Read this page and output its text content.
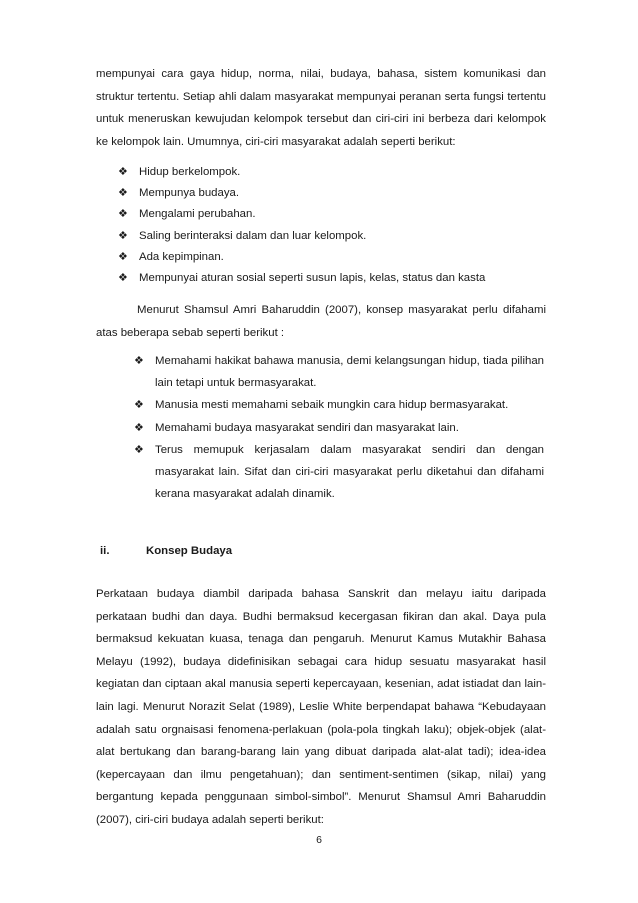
mempunyai cara gaya hidup, norma, nilai, budaya, bahasa, sistem komunikasi dan struktur tertentu. Setiap ahli dalam masyarakat mempunyai peranan serta fungsi tertentu untuk meneruskan kewujudan kelompok tersebut dan ciri-ciri ini berbeza dari kelompok ke kelompok lain. Umumnya, ciri-ciri masyarakat adalah seperti berikut:

❖ Hidup berkelompok.
❖ Mempunya budaya.
❖ Mengalami perubahan.
❖ Saling berinteraksi dalam dan luar kelompok.
❖ Ada kepimpinan.
❖ Mempunyai aturan sosial seperti susun lapis, kelas, status dan kasta

Menurut Shamsul Amri Baharuddin (2007), konsep masyarakat perlu difahami atas beberapa sebab seperti berikut :

❖ Memahami hakikat bahawa manusia, demi kelangsungan hidup, tiada pilihan lain tetapi untuk bermasyarakat.
❖ Manusia mesti memahami sebaik mungkin cara hidup bermasyarakat.
❖ Memahami budaya masyarakat sendiri dan masyarakat lain.
❖ Terus memupuk kerjasalam dalam masyarakat sendiri dan dengan masyarakat lain. Sifat dan ciri-ciri masyarakat perlu diketahui dan difahami kerana masyarakat adalah dinamik.
ii.	Konsep Budaya

Perkataan budaya diambil daripada bahasa Sanskrit dan melayu iaitu daripada perkataan budhi dan daya. Budhi bermaksud kecergasan fikiran dan akal. Daya pula bermaksud kekuatan kuasa, tenaga dan pengaruh. Menurut Kamus Mutakhir Bahasa Melayu (1992), budaya didefinisikan sebagai cara hidup sesuatu masyarakat hasil kegiatan dan ciptaan akal manusia seperti kepercayaan, kesenian, adat istiadat dan lain-lain lagi. Menurut Norazit Selat (1989), Leslie White berpendapat bahawa “Kebudayaan adalah satu orgnaisasi fenomena-perlakuan (pola-pola tingkah laku); objek-objek (alat-alat bertukang dan barang-barang lain yang dibuat daripada alat-alat tadi); idea-idea (kepercayaan dan ilmu pengetahuan); dan sentiment-sentimen (sikap, nilai) yang bergantung kepada penggunaan simbol-simbol”. Menurut Shamsul Amri Baharuddin (2007), ciri-ciri budaya adalah seperti berikut:

6
